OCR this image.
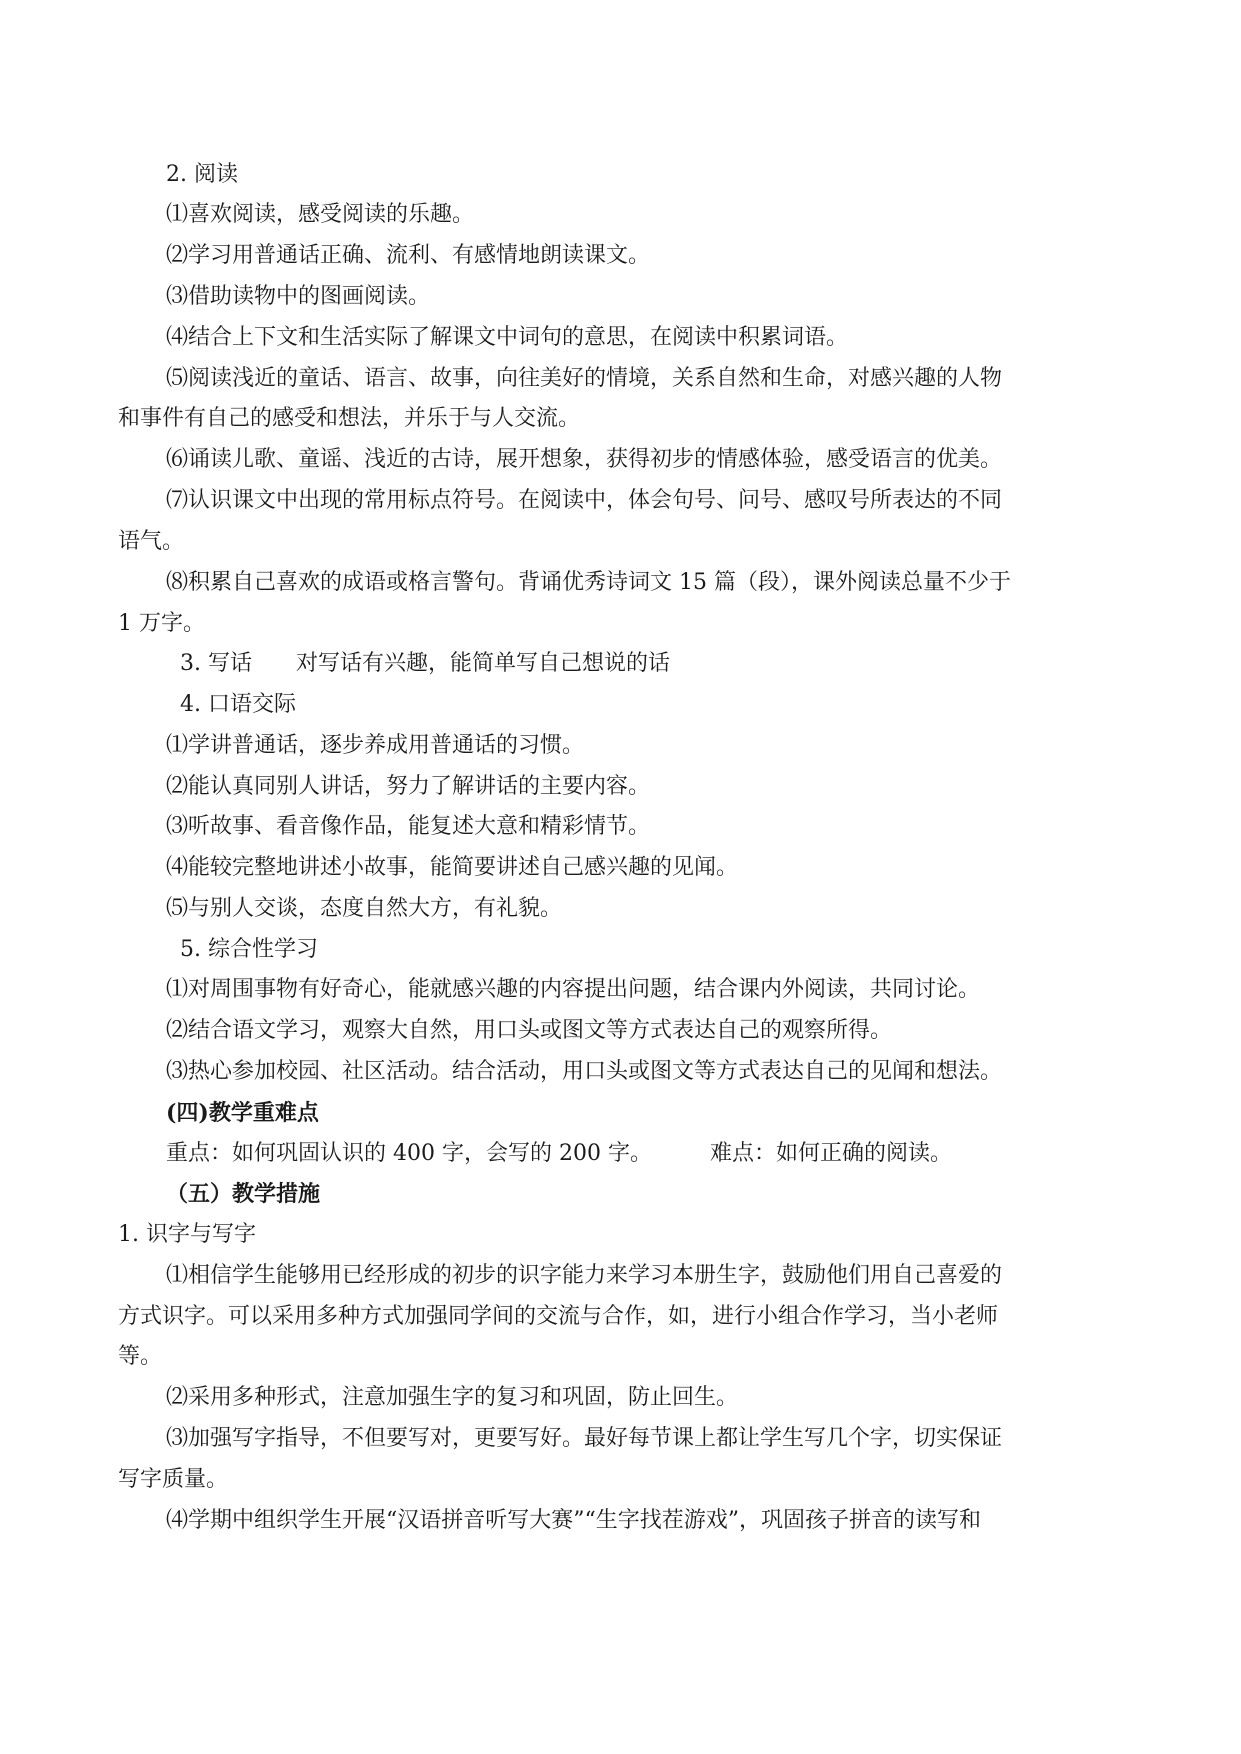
2. 阅读
⑴喜欢阅读，感受阅读的乐趣。
⑵学习用普通话正确、流利、有感情地朗读课文。
⑶借助读物中的图画阅读。
⑷结合上下文和生活实际了解课文中词句的意思，在阅读中积累词语。
⑸阅读浅近的童话、语言、故事，向往美好的情境，关系自然和生命，对感兴趣的人物
和事件有自己的感受和想法，并乐于与人交流。
⑹诵读儿歌、童谣、浅近的古诗，展开想象，获得初步的情感体验，感受语言的优美。
⑺认识课文中出现的常用标点符号。在阅读中，体会句号、问号、感叹号所表达的不同
语气。
⑻积累自己喜欢的成语或格言警句。背诵优秀诗词文 15 篇（段），课外阅读总量不少于
1 万字。
3. 写话 对写话有兴趣，能简单写自己想说的话
4. 口语交际
⑴学讲普通话，逐步养成用普通话的习惯。
⑵能认真同别人讲话，努力了解讲话的主要内容。
⑶听故事、看音像作品，能复述大意和精彩情节。
⑷能较完整地讲述小故事，能简要讲述自己感兴趣的见闻。
⑸与别人交谈，态度自然大方，有礼貌。
5. 综合性学习
⑴对周围事物有好奇心，能就感兴趣的内容提出问题，结合课内外阅读，共同讨论。
⑵结合语文学习，观察大自然，用口头或图文等方式表达自己的观察所得。
⑶热心参加校园、社区活动。结合活动，用口头或图文等方式表达自己的见闻和想法。
(四)教学重难点
重点：如何巩固认识的 400 字，会写的 200 字。	难点：如何正确的阅读。
（五）教学措施
1. 识字与写字
⑴相信学生能够用已经形成的初步的识字能力来学习本册生字，鼓励他们用自己喜爱的
方式识字。可以采用多种方式加强同学间的交流与合作，如，进行小组合作学习，当小老师
等。
⑵采用多种形式，注意加强生字的复习和巩固，防止回生。
⑶加强写字指导，不但要写对，更要写好。最好每节课上都让学生写几个字，切实保证
写字质量。
⑷学期中组织学生开展“汉语拼音听写大赛”“生字找茬游戏”，巩固孩子拼音的读写和
